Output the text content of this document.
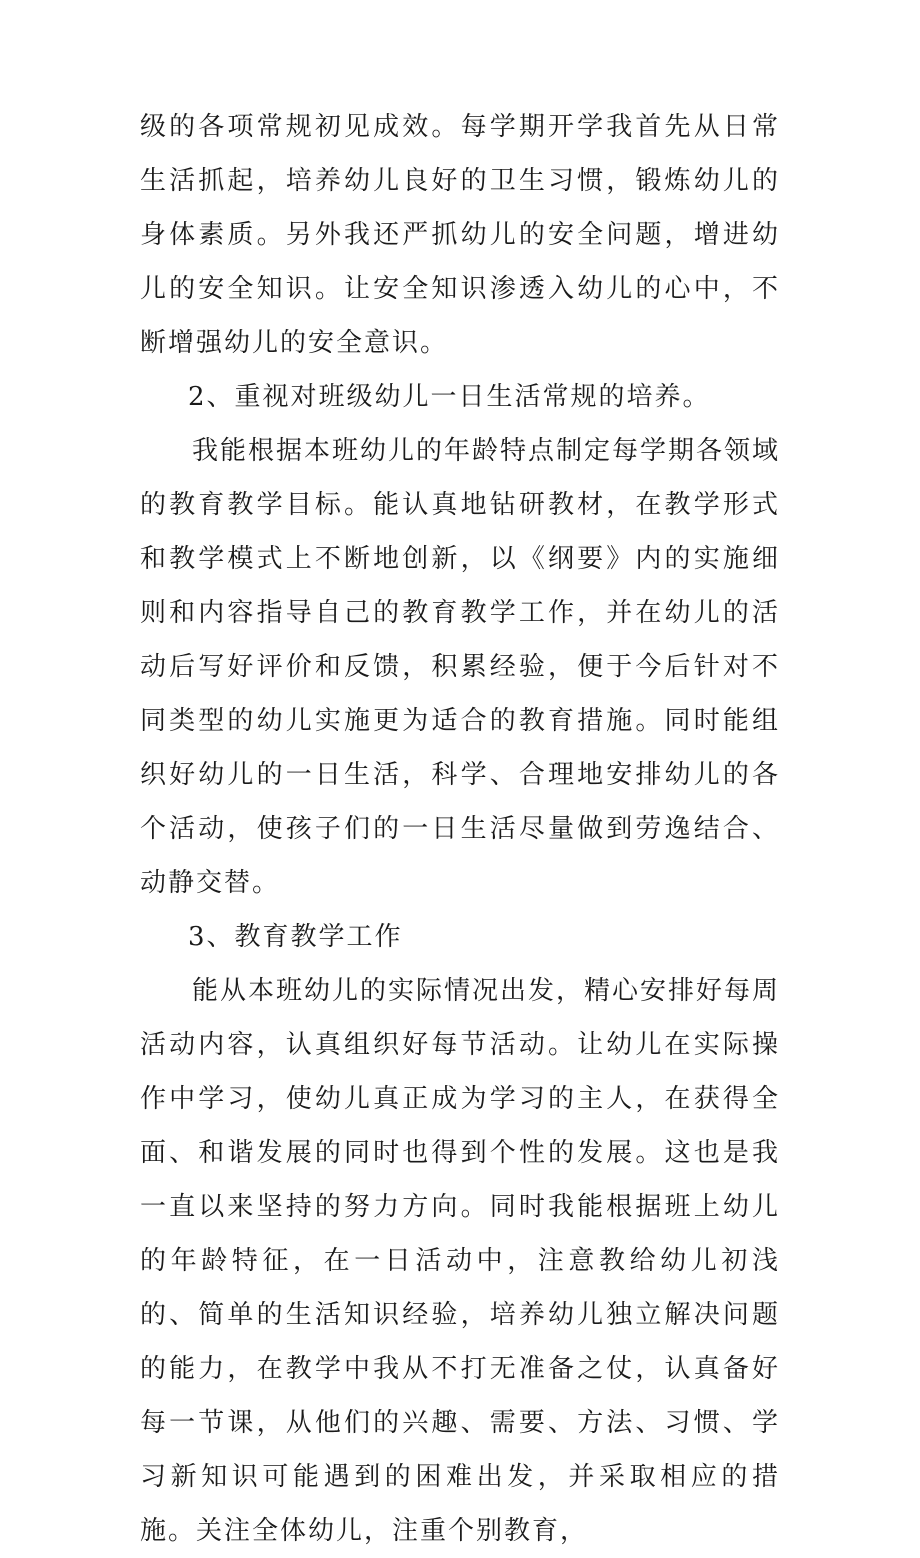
级的各项常规初见成效。每学期开学我首先从日常生活抓起，培养幼儿良好的卫生习惯，锻炼幼儿的身体素质。另外我还严抓幼儿的安全问题，增进幼儿的安全知识。让安全知识渗透入幼儿的心中，不断增强幼儿的安全意识。

2、重视对班级幼儿一日生活常规的培养。

我能根据本班幼儿的年龄特点制定每学期各领域的教育教学目标。能认真地钻研教材，在教学形式和教学模式上不断地创新，以《纲要》内的实施细则和内容指导自己的教育教学工作，并在幼儿的活动后写好评价和反馈，积累经验，便于今后针对不同类型的幼儿实施更为适合的教育措施。同时能组织好幼儿的一日生活，科学、合理地安排幼儿的各个活动，使孩子们的一日生活尽量做到劳逸结合、动静交替。

3、教育教学工作

能从本班幼儿的实际情况出发，精心安排好每周活动内容，认真组织好每节活动。让幼儿在实际操作中学习，使幼儿真正成为学习的主人，在获得全面、和谐发展的同时也得到个性的发展。这也是我一直以来坚持的努力方向。同时我能根据班上幼儿的年龄特征，在一日活动中，注意教给幼儿初浅的、简单的生活知识经验，培养幼儿独立解决问题的能力，在教学中我从不打无准备之仗，认真备好每一节课，从他们的兴趣、需要、方法、习惯、学习新知识可能遇到的困难出发，并采取相应的措施。关注全体幼儿，注重个别教育，
